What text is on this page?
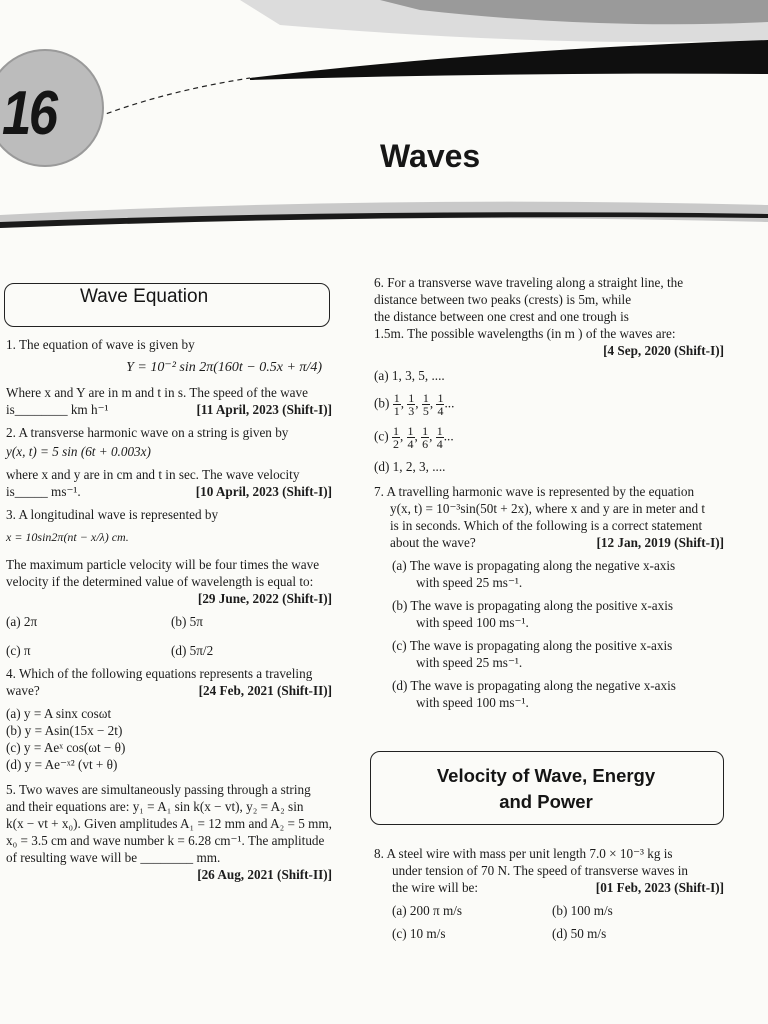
16
Waves
Wave Equation
1. The equation of wave is given by
Y = 10⁻² sin 2π(160t − 0.5x + π/4)
Where x and Y are in m and t in s. The speed of the wave
is________ km h⁻¹	[11 April, 2023 (Shift-I)]
2. A transverse harmonic wave on a string is given by
y(x, t) = 5 sin (6t + 0.003x)
where x and y are in cm and t in sec. The wave velocity
is_____ ms⁻¹.	[10 April, 2023 (Shift-I)]
3. A longitudinal wave is represented by
x = 10sin2π(nt − x/λ) cm.
The maximum particle velocity will be four times the wave
velocity if the determined value of wavelength is equal to:
[29 June, 2022 (Shift-I)]
(a) 2π	(b) 5π
(c) π	(d) 5π/2
4. Which of the following equations represents a traveling
wave?	[24 Feb, 2021 (Shift-II)]
(a) y = A sinx cosωt
(b) y = Asin(15x − 2t)
(c) y = Aeˣ cos(ωt − θ)
(d) y = Ae⁻ˣ² (vt + θ)
5. Two waves are simultaneously passing through a string
and their equations are: y₁ = A₁ sin k(x − vt), y₂ = A₂ sin
k(x − vt + x₀). Given amplitudes A₁ = 12 mm and A₂ = 5 mm,
x₀ = 3.5 cm and wave number k = 6.28 cm⁻¹. The amplitude
of resulting wave will be ________ mm.
[26 Aug, 2021 (Shift-II)]
6. For a transverse wave traveling along a straight line, the
distance between two peaks (crests) is 5m, while
the distance between one crest and one trough is
1.5m. The possible wavelengths (in m ) of the waves are:
[4 Sep, 2020 (Shift-I)]
(a) 1, 3, 5, ....
$(b) \frac{1}{1}$ , $\frac{1}{3}$ , $\frac{1}{5}$ , $\frac{1}{4}$ ...
$(c) \frac{1}{2}$ , $\frac{1}{4}$ , $\frac{1}{6}$ , $\frac{1}{4}$ ...
(d) 1, 2, 3, ....
7. A travelling harmonic wave is represented by the equation
y(x, t) = 10⁻³sin(50t + 2x), where x and y are in meter and t
is in seconds. Which of the following is a correct statement
about the wave?	[12 Jan, 2019 (Shift-I)]
(a) The wave is propagating along the negative x-axis
with speed 25 ms⁻¹.
(b) The wave is propagating along the positive x-axis
with speed 100 ms⁻¹.
(c) The wave is propagating along the positive x-axis
with speed 25 ms⁻¹.
(d) The wave is propagating along the negative x-axis
with speed 100 ms⁻¹.
Velocity of Wave, Energy
and Power
8. A steel wire with mass per unit length 7.0 × 10⁻³ kg is
under tension of 70 N. The speed of transverse waves in
the wire will be:	[01 Feb, 2023 (Shift-I)]
(a) 200 π m/s	(b) 100 m/s
(c) 10 m/s	(d) 50 m/s
